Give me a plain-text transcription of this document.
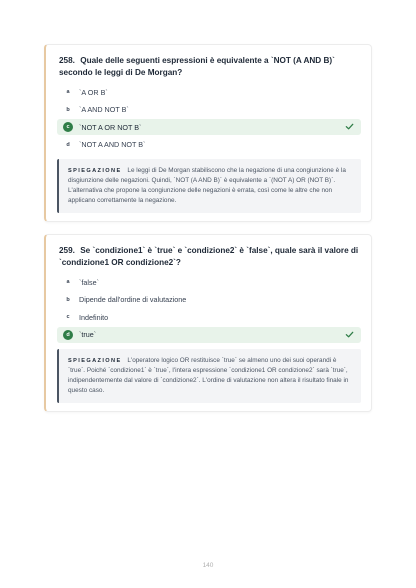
258. Quale delle seguenti espressioni è equivalente a `NOT (A AND B)` secondo le leggi di De Morgan?
a	`A OR B`
b	`A AND NOT B`
c	`NOT A OR NOT B`
d	`NOT A AND NOT B`
SPIEGAZIONE Le leggi di De Morgan stabiliscono che la negazione di una congiunzione è la disgiunzione delle negazioni. Quindi, `NOT (A AND B)` è equivalente a `(NOT A) OR (NOT B)`. L'alternativa che propone la congiunzione delle negazioni è errata, così come le altre che non applicano correttamente la negazione.
259. Se `condizione1` è `true` e `condizione2` è `false`, quale sarà il valore di `condizione1 OR condizione2`?
a	`false`
b	Dipende dall'ordine di valutazione
c	Indefinito
d	`true`
SPIEGAZIONE L'operatore logico OR restituisce `true` se almeno uno dei suoi operandi è `true`. Poiché `condizione1` è `true`, l'intera espressione `condizione1 OR condizione2` sarà `true`, indipendentemente dal valore di `condizione2`. L'ordine di valutazione non altera il risultato finale in questo caso.
140
